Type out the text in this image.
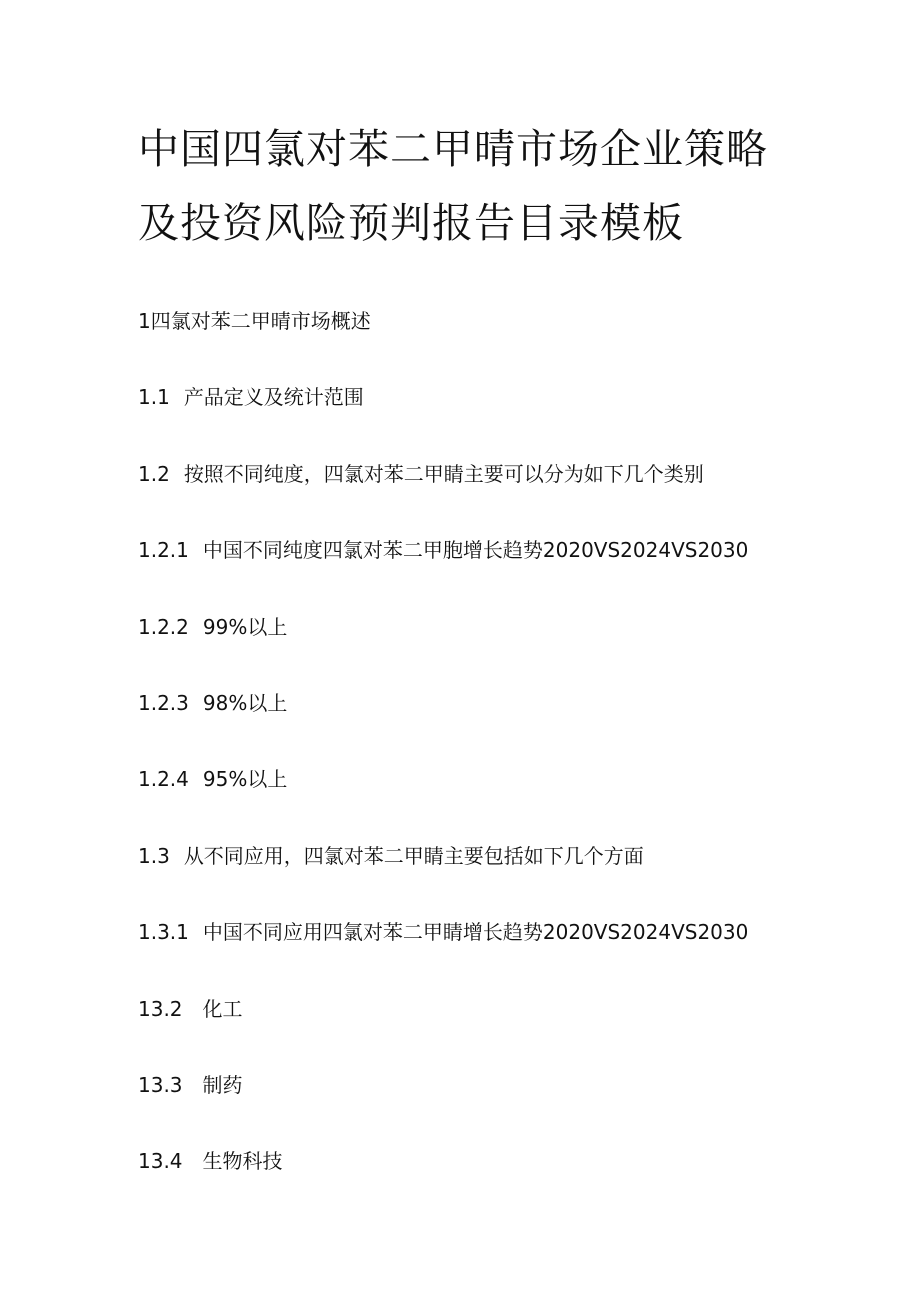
中国四氯对苯二甲晴市场企业策略
及投资风险预判报告目录模板
1四氯对苯二甲晴市场概述
1.1 产品定义及统计范围
1.2 按照不同纯度，四氯对苯二甲睛主要可以分为如下几个类别
1.2.1 中国不同纯度四氯对苯二甲胞增长趋势2020VS2024VS2030
1.2.2 99%以上
1.2.3 98%以上
1.2.4 95%以上
1.3 从不同应用，四氯对苯二甲睛主要包括如下几个方面
1.3.1 中国不同应用四氯对苯二甲睛增长趋势2020VS2024VS2030
13.2 化工
13.3 制药
13.4 生物科技
